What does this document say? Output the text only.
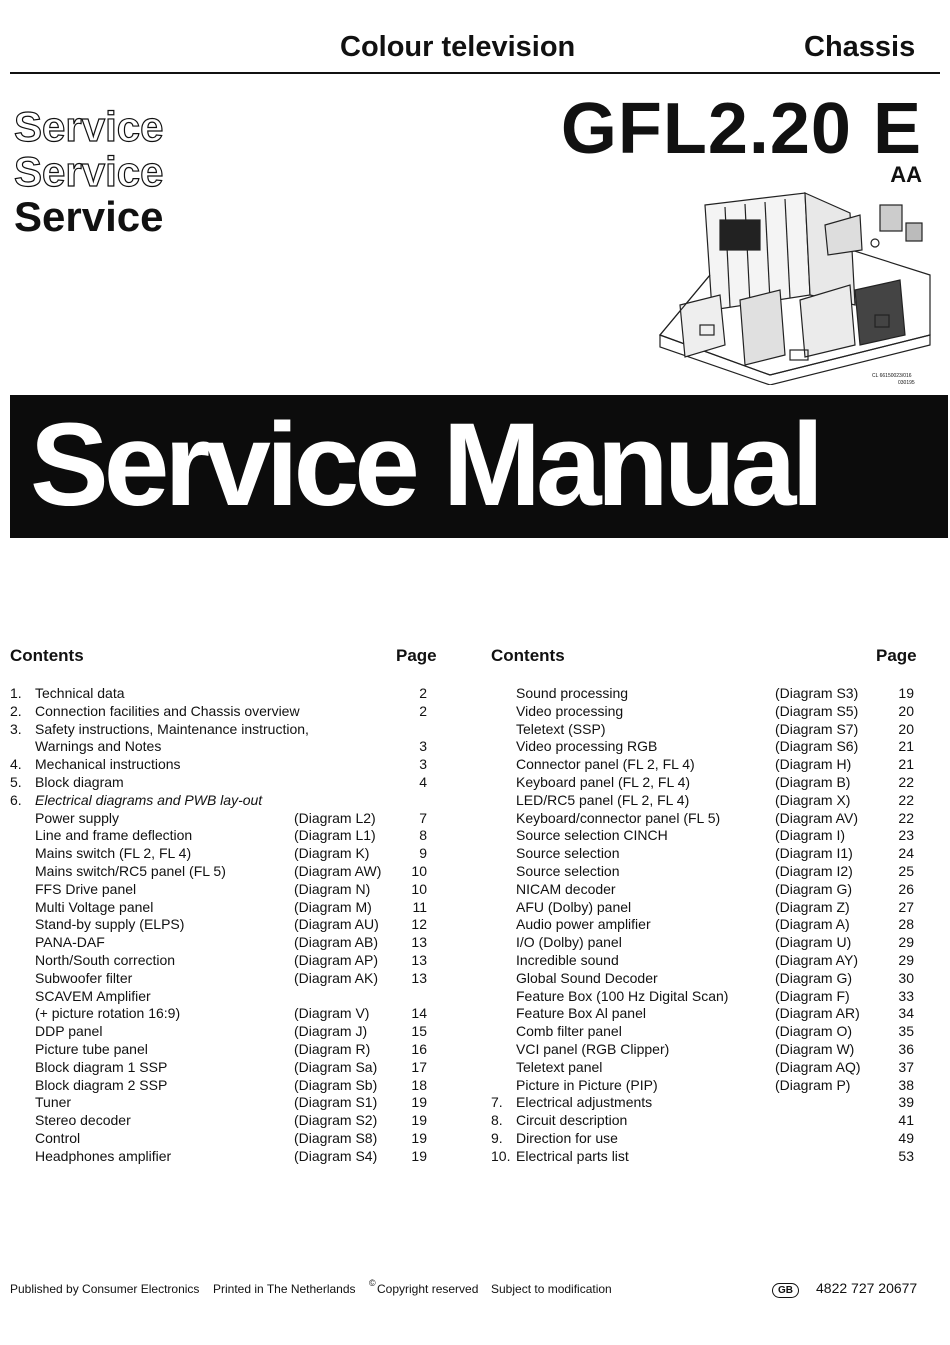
Colour television	Chassis
GFL2.20 E
AA
Service
Service
Service
CL 66150023/016
030195
Service Manual
Contents	Page	Contents	Page
1. Technical data	2
2. Connection facilities and Chassis overview	2
3. Safety instructions, Maintenance instruction,
Warnings and Notes	3
4. Mechanical instructions	3
5. Block diagram	4
6. Electrical diagrams and PWB lay-out
Power supply	(Diagram L2)	7
Line and frame deflection	(Diagram L1)	8
Mains switch (FL 2, FL 4)	(Diagram K)	9
Mains switch/RC5 panel (FL 5)	(Diagram AW) 10
FFS Drive panel	(Diagram N)	10
Multi Voltage panel	(Diagram M)	11
Stand-by supply (ELPS)	(Diagram AU) 12
PANA-DAF	(Diagram AB) 13
North/South correction	(Diagram AP) 13
Subwoofer filter	(Diagram AK) 13
SCAVEM Amplifier
(+ picture rotation 16:9)	(Diagram V)	14
DDP panel	(Diagram J)	15
Picture tube panel	(Diagram R)	16
Block diagram 1 SSP	(Diagram Sa) 17
Block diagram 2 SSP	(Diagram Sb) 18
Tuner	(Diagram S1) 19
Stereo decoder	(Diagram S2) 19
Control	(Diagram S8) 19
Headphones amplifier	(Diagram S4) 19
Sound processing	(Diagram S3)	19
Video processing	(Diagram S5)	20
Teletext (SSP)	(Diagram S7)	20
Video processing RGB	(Diagram S6)	21
Connector panel (FL 2, FL 4)	(Diagram H)	21
Keyboard panel (FL 2, FL 4)	(Diagram B)	22
LED/RC5 panel (FL 2, FL 4)	(Diagram X)	22
Keyboard/connector panel (FL 5)	(Diagram AV)	22
Source selection CINCH	(Diagram I)	23
Source selection	(Diagram I1)	24
Source selection	(Diagram I2)	25
NICAM decoder	(Diagram G)	26
AFU (Dolby) panel	(Diagram Z)	27
Audio power amplifier	(Diagram A)	28
I/O (Dolby) panel	(Diagram U)	29
Incredible sound	(Diagram AY)	29
Global Sound Decoder	(Diagram G)	30
Feature Box (100 Hz Digital Scan)	(Diagram F)	33
Feature Box Al panel	(Diagram AR)	34
Comb filter panel	(Diagram O)	35
VCI panel (RGB Clipper)	(Diagram W)	36
Teletext panel	(Diagram AQ)	37
Picture in Picture (PIP)	(Diagram P)	38
7. Electrical adjustments	39
8. Circuit description	41
9. Direction for use	49
10. Electrical parts list	53
Published by Consumer Electronics Printed in The Netherlands © Copyright reserved Subject to modification	GB	4822 727 20677
